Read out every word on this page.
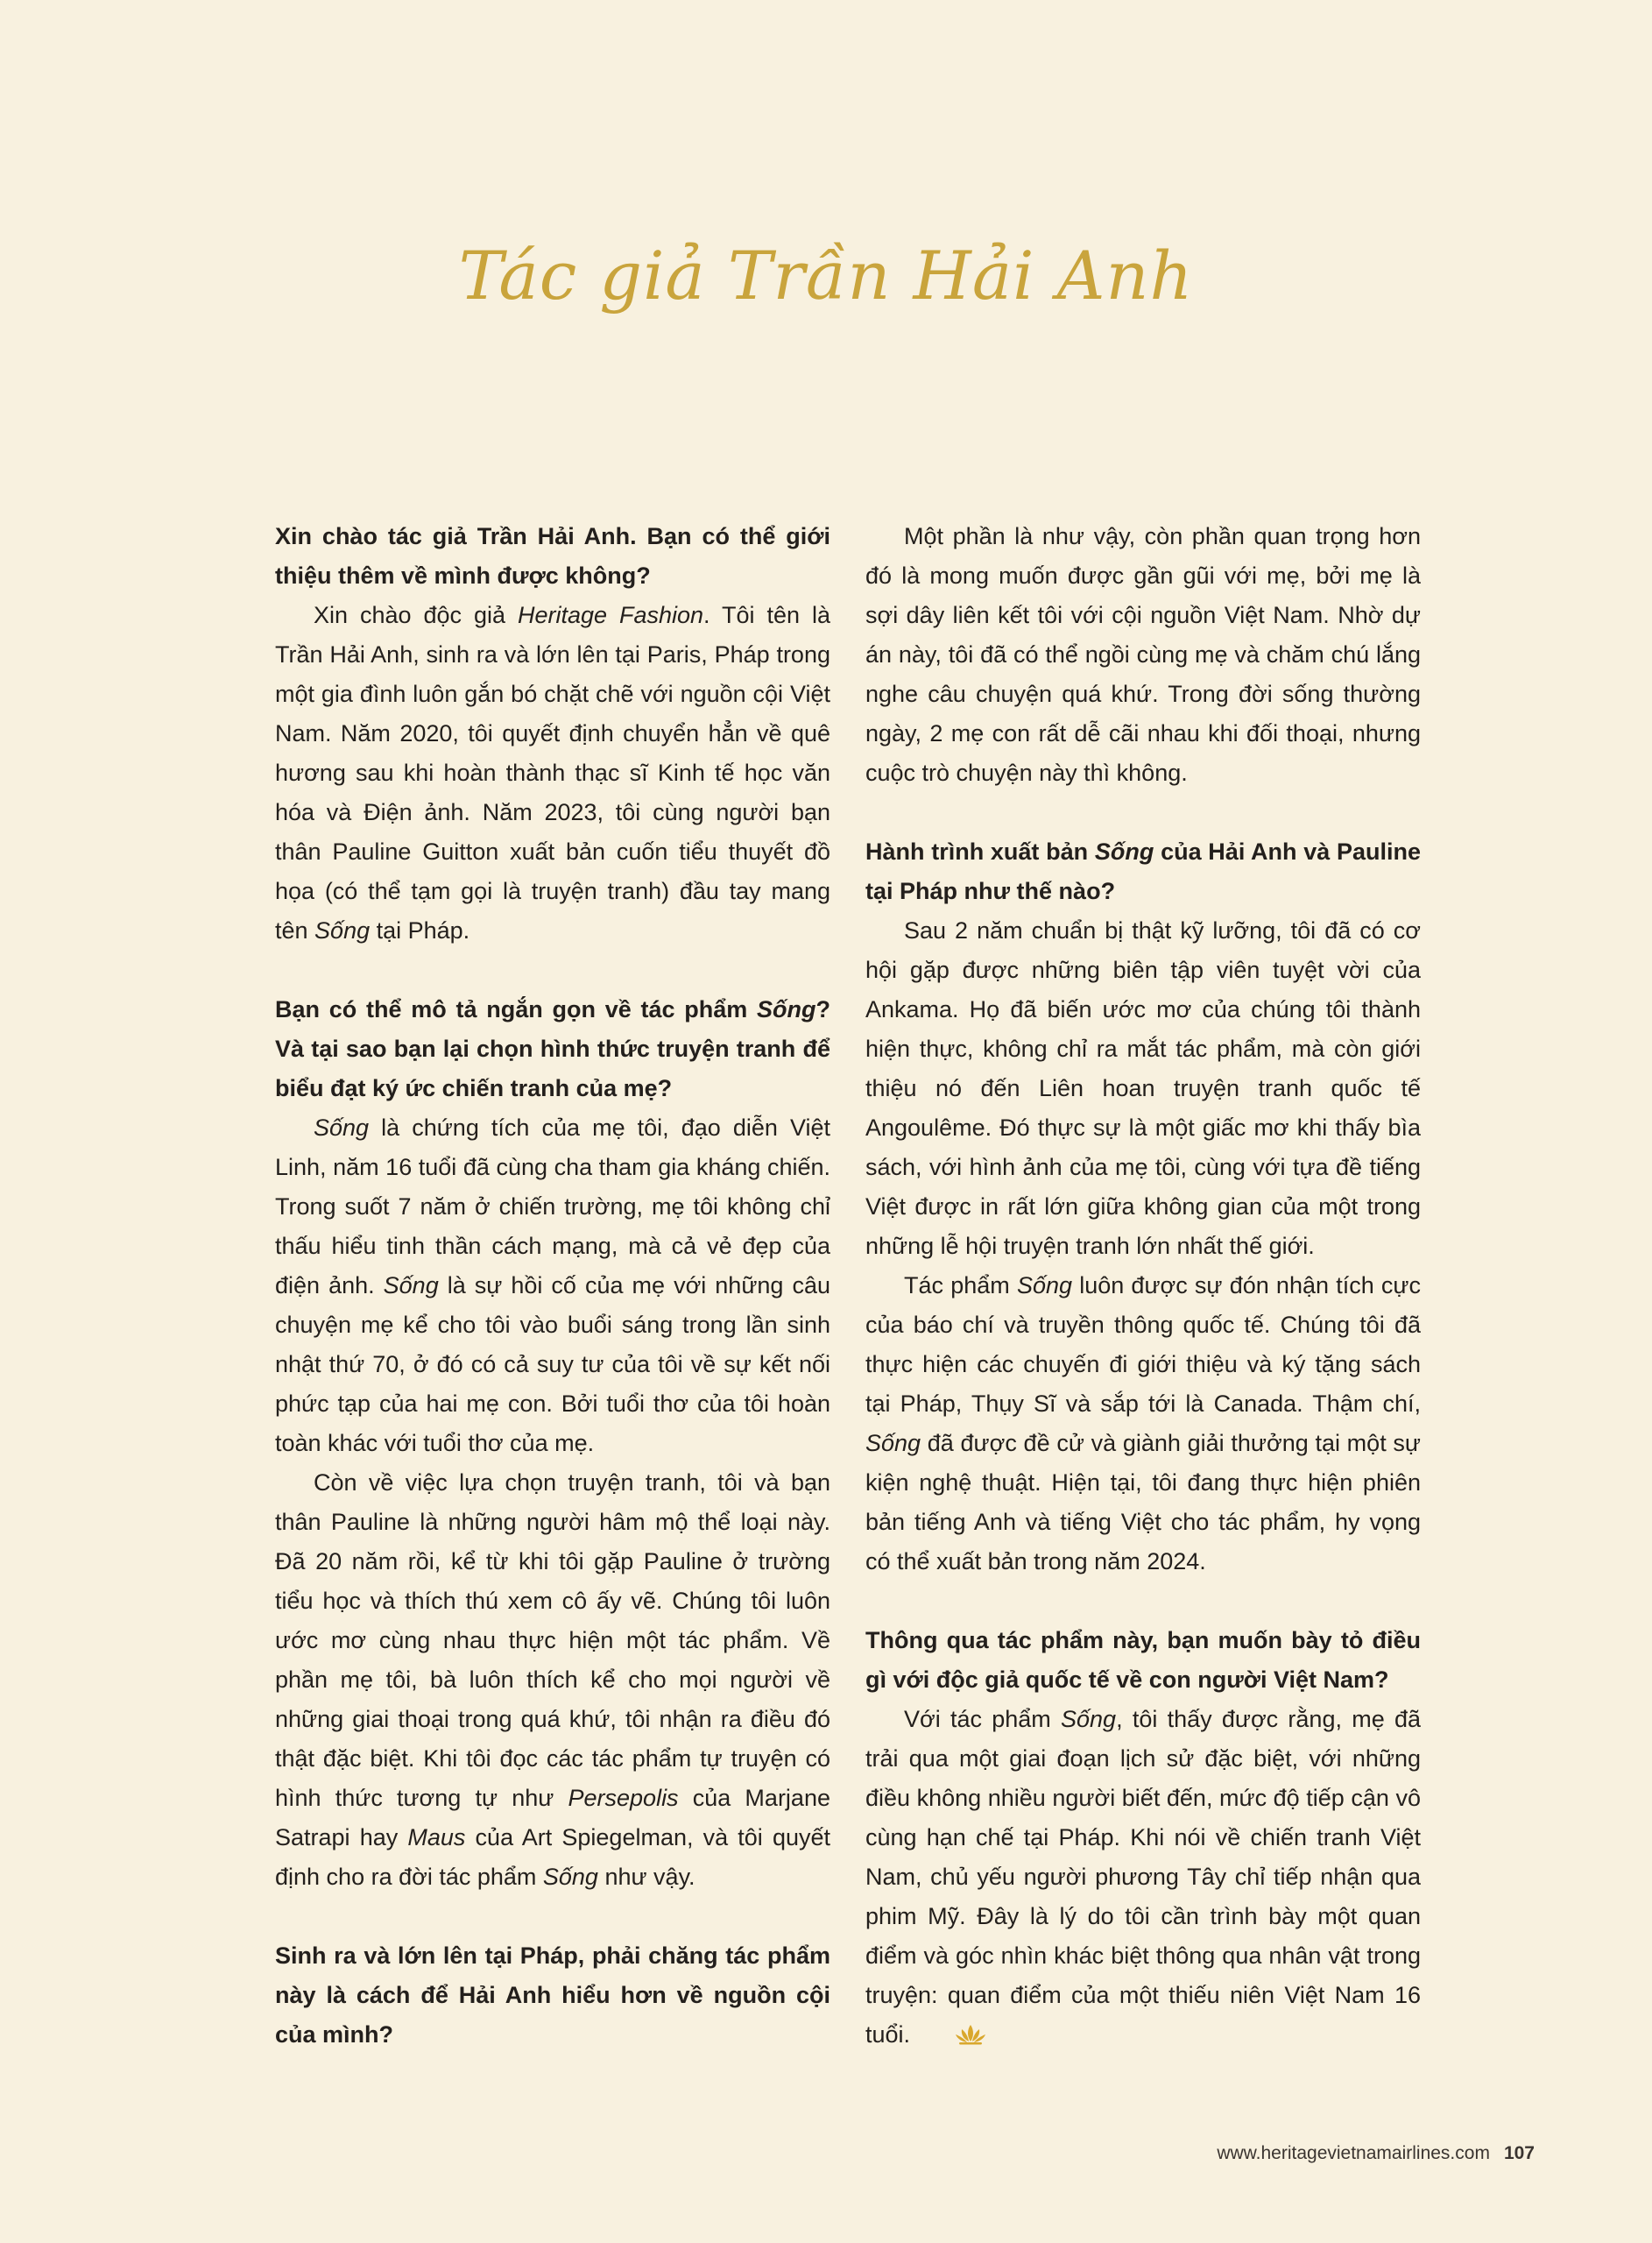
Tác giả Trần Hải Anh

Xin chào tác giả Trần Hải Anh. Bạn có thể giới thiệu thêm về mình được không?

Xin chào độc giả Heritage Fashion. Tôi tên là Trần Hải Anh, sinh ra và lớn lên tại Paris, Pháp trong một gia đình luôn gắn bó chặt chẽ với nguồn cội Việt Nam. Năm 2020, tôi quyết định chuyển hẳn về quê hương sau khi hoàn thành thạc sĩ Kinh tế học văn hóa và Điện ảnh. Năm 2023, tôi cùng người bạn thân Pauline Guitton xuất bản cuốn tiểu thuyết đồ họa (có thể tạm gọi là truyện tranh) đầu tay mang tên Sống tại Pháp.

Bạn có thể mô tả ngắn gọn về tác phẩm Sống? Và tại sao bạn lại chọn hình thức truyện tranh để biểu đạt ký ức chiến tranh của mẹ?

Sống là chứng tích của mẹ tôi, đạo diễn Việt Linh, năm 16 tuổi đã cùng cha tham gia kháng chiến. Trong suốt 7 năm ở chiến trường, mẹ tôi không chỉ thấu hiểu tinh thần cách mạng, mà cả vẻ đẹp của điện ảnh. Sống là sự hồi cố của mẹ với những câu chuyện mẹ kể cho tôi vào buổi sáng trong lần sinh nhật thứ 70, ở đó có cả suy tư của tôi về sự kết nối phức tạp của hai mẹ con. Bởi tuổi thơ của tôi hoàn toàn khác với tuổi thơ của mẹ.

Còn về việc lựa chọn truyện tranh, tôi và bạn thân Pauline là những người hâm mộ thể loại này. Đã 20 năm rồi, kể từ khi tôi gặp Pauline ở trường tiểu học và thích thú xem cô ấy vẽ. Chúng tôi luôn ước mơ cùng nhau thực hiện một tác phẩm. Về phần mẹ tôi, bà luôn thích kể cho mọi người về những giai thoại trong quá khứ, tôi nhận ra điều đó thật đặc biệt. Khi tôi đọc các tác phẩm tự truyện có hình thức tương tự như Persepolis của Marjane Satrapi hay Maus của Art Spiegelman, và tôi quyết định cho ra đời tác phẩm Sống như vậy.

Sinh ra và lớn lên tại Pháp, phải chăng tác phẩm này là cách để Hải Anh hiểu hơn về nguồn cội của mình?

Một phần là như vậy, còn phần quan trọng hơn đó là mong muốn được gần gũi với mẹ, bởi mẹ là sợi dây liên kết tôi với cội nguồn Việt Nam. Nhờ dự án này, tôi đã có thể ngồi cùng mẹ và chăm chú lắng nghe câu chuyện quá khứ. Trong đời sống thường ngày, 2 mẹ con rất dễ cãi nhau khi đối thoại, nhưng cuộc trò chuyện này thì không.

Hành trình xuất bản Sống của Hải Anh và Pauline tại Pháp như thế nào?

Sau 2 năm chuẩn bị thật kỹ lưỡng, tôi đã có cơ hội gặp được những biên tập viên tuyệt vời của Ankama. Họ đã biến ước mơ của chúng tôi thành hiện thực, không chỉ ra mắt tác phẩm, mà còn giới thiệu nó đến Liên hoan truyện tranh quốc tế Angoulême. Đó thực sự là một giấc mơ khi thấy bìa sách, với hình ảnh của mẹ tôi, cùng với tựa đề tiếng Việt được in rất lớn giữa không gian của một trong những lễ hội truyện tranh lớn nhất thế giới.

Tác phẩm Sống luôn được sự đón nhận tích cực của báo chí và truyền thông quốc tế. Chúng tôi đã thực hiện các chuyến đi giới thiệu và ký tặng sách tại Pháp, Thụy Sĩ và sắp tới là Canada. Thậm chí, Sống đã được đề cử và giành giải thưởng tại một sự kiện nghệ thuật. Hiện tại, tôi đang thực hiện phiên bản tiếng Anh và tiếng Việt cho tác phẩm, hy vọng có thể xuất bản trong năm 2024.

Thông qua tác phẩm này, bạn muốn bày tỏ điều gì với độc giả quốc tế về con người Việt Nam?

Với tác phẩm Sống, tôi thấy được rằng, mẹ đã trải qua một giai đoạn lịch sử đặc biệt, với những điều không nhiều người biết đến, mức độ tiếp cận vô cùng hạn chế tại Pháp. Khi nói về chiến tranh Việt Nam, chủ yếu người phương Tây chỉ tiếp nhận qua phim Mỹ. Đây là lý do tôi cần trình bày một quan điểm và góc nhìn khác biệt thông qua nhân vật trong truyện: quan điểm của một thiếu niên Việt Nam 16 tuổi.

www.heritagevietnamairlines.com 107
